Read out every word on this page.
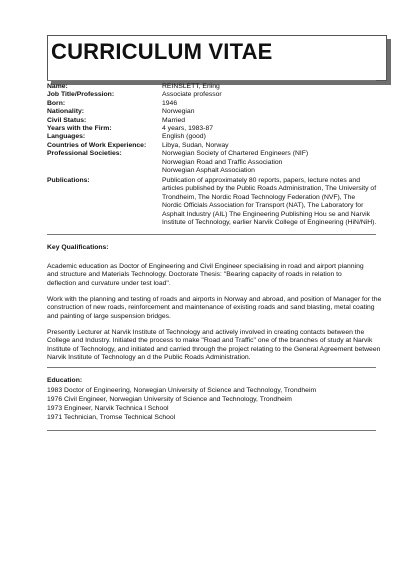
CURRICULUM VITAE
Name:	REINSLETT, Erling
Job Title/Profession:	Associate professor
Born:	1946
Nationality:	Norwegian
Civil Status:	Married
Years with the Firm:	4 years, 1983-87
Languages:	English (good)
Countries of Work Experience: Libya, Sudan, Norway
Professional Societies:	Norwegian Society of Chartered Engineers (NIF)
Norwegian Road and Traffic Association
Norwegian Asphalt Association
Publications:	Publication of approximately 80 reports, papers, lecture notes and
articles published by the Public Roads Administration, The University of
Trondheim, The Nordic Road Technology Federation (NVF), The
Nordic Officials Association for Transport (NAT), The Laboratory for
Asphalt Industry (AIL) The Engineering Publishing Hou se and Narvik
Institute of Technology, earlier Narvik College of Engineering (HiN/NiH).
Key Qualifications:
Academic education as Doctor of Engineering and Civil Engineer specialising in road and airport planning
and structure and Materials Technology. Doctorate Thesis: "Bearing capacity of roads in relation to
deflection and curvature under test load".
Work with the planning and testing of roads and airports in Norway and abroad, and position of Manager for the
construction of new roads, reinforcement and maintenance of existing roads and sand blasting, metal coating
and painting of large suspension bridges.
Presently Lecturer at Narvik Institute of Technology and actively involved in creating contacts between the
College and Industry. Initiated the process to make "Road and Traffic" one of the branches of study at Narvik
Institute of Technology, and initiated and carried through the project relating to the General Agreement between
Narvik Institute of Technology an d the Public Roads Administration.
Education:
1983 Doctor of Engineering, Norwegian University of Science and Technology, Trondheim
1976 Civil Engineer, Norwegian University of Science and Technology, Trondheim
1973 Engineer, Narvik Technica l School
1971 Technician, Tromse Technical School
